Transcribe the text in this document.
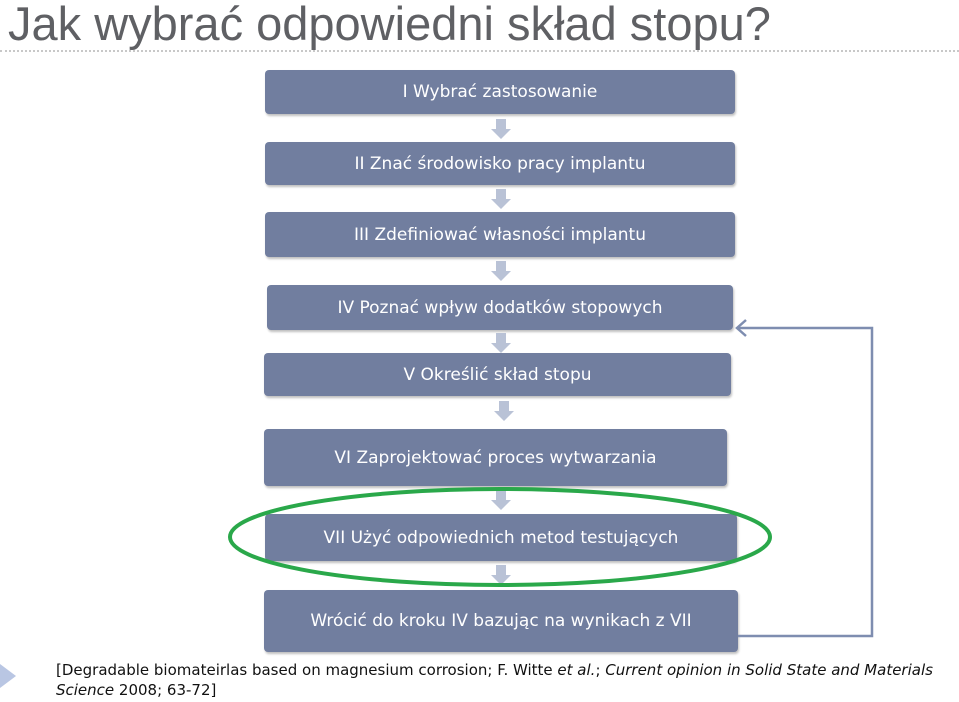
Jak wybrać odpowiedni skład stopu?
I Wybrać zastosowanie
II Znać środowisko pracy implantu
III Zdefiniować własności implantu
IV Poznać wpływ dodatków stopowych
V Określić skład stopu
VI Zaprojektować proces wytwarzania
VII Użyć odpowiednich metod testujących
Wrócić do kroku IV bazując na wynikach z VII
[Degradable biomateirlas based on magnesium corrosion; F. Witte et al.; Current opinion in Solid State and Materials Science 2008; 63-72]
